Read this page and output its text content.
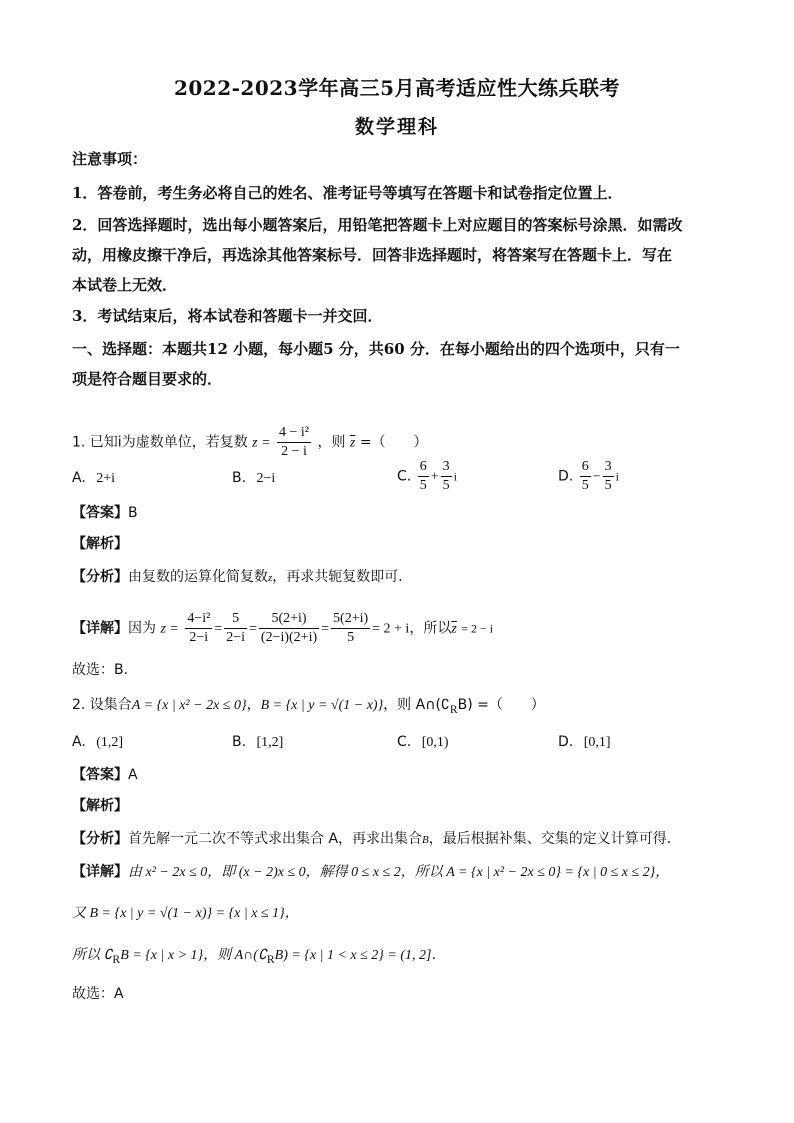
2022-2023学年高三5月高考适应性大练兵联考
数学理科
注意事项：
1．答卷前，考生务必将自己的姓名、准考证号等填写在答题卡和试卷指定位置上．
2．回答选择题时，选出每小题答案后，用铅笔把答题卡上对应题目的答案标号涂黑．如需改
动，用橡皮擦干净后，再选涂其他答案标号．回答非选择题时，将答案写在答题卡上．写在
本试卷上无效．
3．考试结束后，将本试卷和答题卡一并交回．
一、选择题：本题共12 小题，每小题5 分，共60 分．在每小题给出的四个选项中，只有一
项是符合题目要求的．
1. 已知i为虚数单位，若复数 $z = \frac{\text{4 − i²}}{2 - i}$ ，则 $\overline{z}$ =（　　）
A. 2+i	B. 2−i	C. $\frac{6}{5} + \frac{3}{5}$ i	D. $\frac{6}{5} - \frac{3}{5}$ i
【答案】B
【解析】
【分析】由复数的运算化简复数z，再求共轭复数即可．
【详解】因为 $z = \frac{\text{4−i²}}{2-i} = \frac{5}{2-i} = \frac{5(2+i)}{(2-i)(2+i)} = \frac{5(2+i)}{5} = 2 + i$，所以$\overline{z} = 2 - i$
故选：B.
2. 设集合A = {x | x² − 2x ≤ 0}，B = {x | y = √(1 − x)}，则 $A\cap(∁_RB)$ =（　　）
A. (1,2]	B. [1,2]	C. [0,1)	D. [0,1]
【答案】A
【解析】
【分析】首先解一元二次不等式求出集合 A，再求出集合B，最后根据补集、交集的定义计算可得．
【详解】由 x² − 2x ≤ 0，即 (x − 2)x ≤ 0，解得 0 ≤ x ≤ 2，所以 A = {x | x² − 2x ≤ 0} = {x | 0 ≤ x ≤ 2}，
又 B = {x | y = √(1 − x)} = {x | x ≤ 1}，
所以 $∁_RB = \{x$ | x > 1}，则 $A\cap(∁_RB) = \{x$ | 1 < x ≤ 2} = (1, 2]．
故选：A
